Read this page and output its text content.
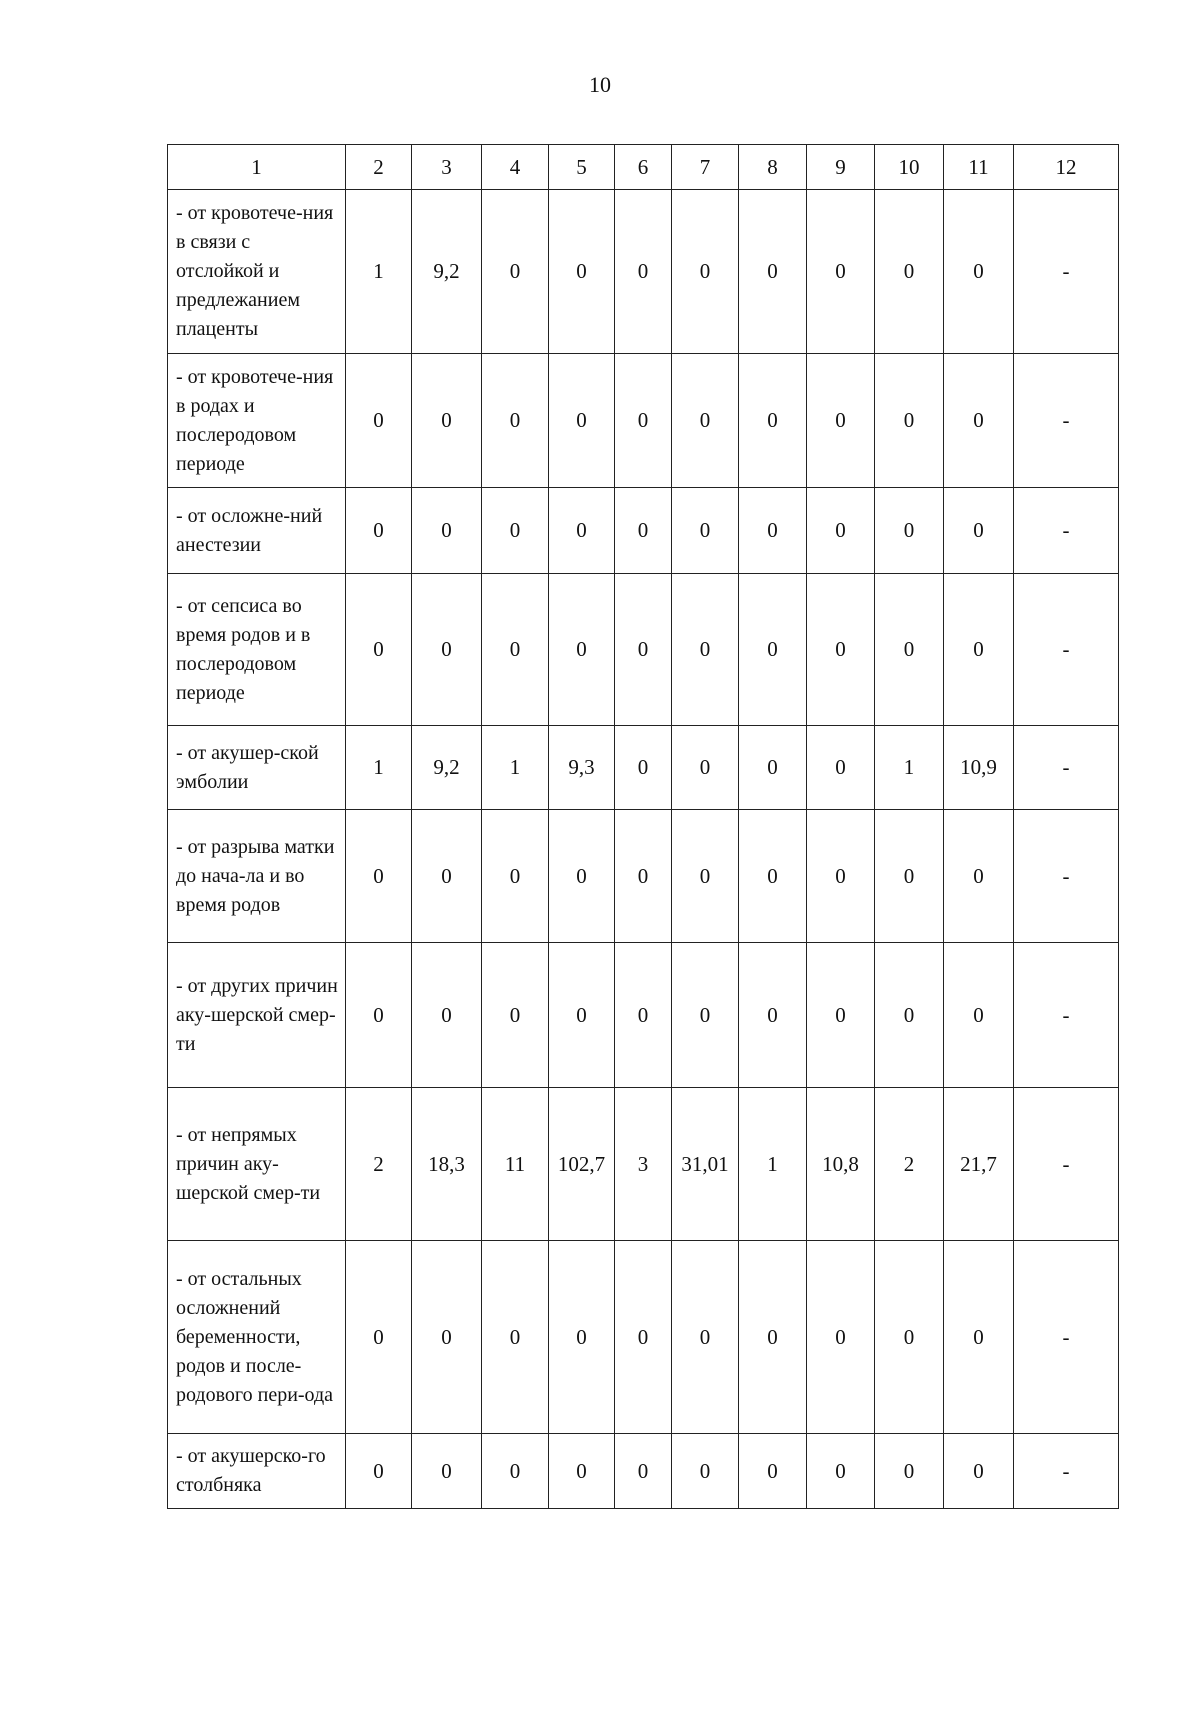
10
1	2	3	4	5	6	7	8	9	10	11	12
- от кровотече-ния в связи с отслойкой и предлежанием плаценты	1	9,2	0	0	0	0	0	0	0	0	-
- от кровотече-ния в родах и послеродовом периоде	0	0	0	0	0	0	0	0	0	0	-
- от осложне-ний анестезии	0	0	0	0	0	0	0	0	0	0	-
- от сепсиса во время родов и в послеродовом периоде	0	0	0	0	0	0	0	0	0	0	-
- от акушер-ской эмболии	1	9,2	1	9,3	0	0	0	0	1	10,9	-
- от разрыва матки до нача-ла и во время родов	0	0	0	0	0	0	0	0	0	0	-
- от других причин аку-шерской смер-ти	0	0	0	0	0	0	0	0	0	0	-
- от непрямых причин аку-шерской смер-ти	2	18,3	11	102,7	3	31,01	1	10,8	2	21,7	-
- от остальных осложнений беременности, родов и после-родового пери-ода	0	0	0	0	0	0	0	0	0	0	-
- от акушерско-го столбняка	0	0	0	0	0	0	0	0	0	0	-
